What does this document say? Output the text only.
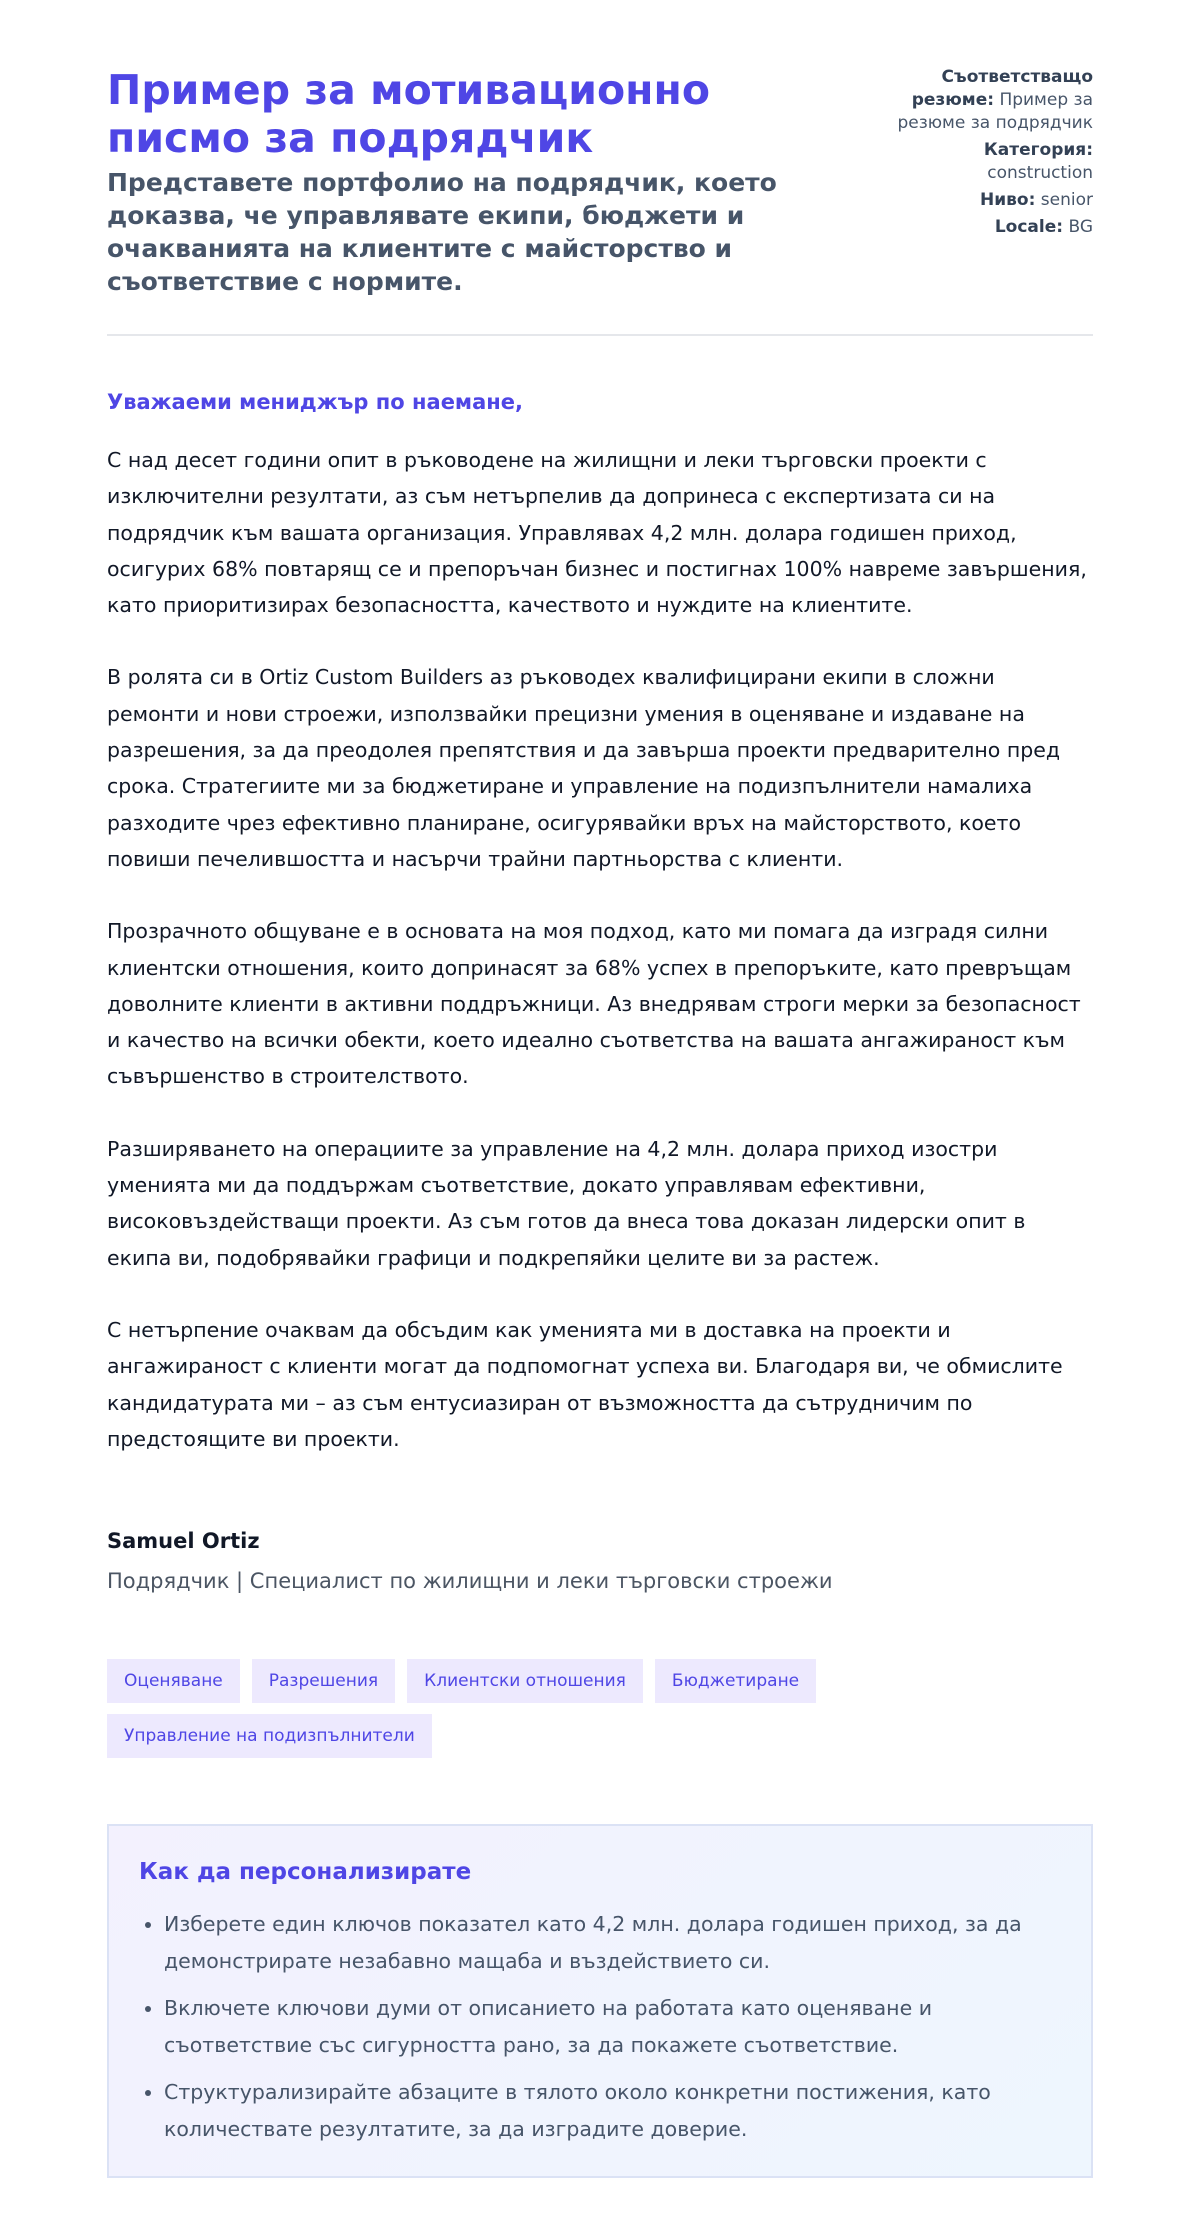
Пример за мотивационно писмо за подрядчик

Представете портфолио на подрядчик, което доказва, че управлявате екипи, бюджети и очакванията на клиентите с майсторство и съответствие с нормите.

Съответстващо резюме: Пример за резюме за подрядчик
Категория: construction
Ниво: senior
Locale: BG
Уважаеми мениджър по наемане,

С над десет години опит в ръководене на жилищни и леки търговски проекти с изключителни резултати, аз съм нетърпелив да допринеса с експертизата си на подрядчик към вашата организация. Управлявах 4,2 млн. долара годишен приход, осигурих 68% повтарящ се и препоръчан бизнес и постигнах 100% навреме завършения, като приоритизирах безопасността, качеството и нуждите на клиентите.

В ролята си в Ortiz Custom Builders аз ръководех квалифицирани екипи в сложни ремонти и нови строежи, използвайки прецизни умения в оценяване и издаване на разрешения, за да преодолея препятствия и да завършa проекти предварително пред срока. Стратегиите ми за бюджетиране и управление на подизпълнители намалиха разходите чрез ефективно планиране, осигурявайки връх на майсторството, което повиши печелившостта и насърчи трайни партньорства с клиенти.

Прозрачното общуване е в основата на моя подход, като ми помага да изградя силни клиентски отношения, които допринасят за 68% успех в препоръките, като превръщам доволните клиенти в активни поддръжници. Аз внедрявам строги мерки за безопасност и качество на всички обекти, което идеално съответства на вашата ангажираност към съвършенство в строителството.

Разширяването на операциите за управление на 4,2 млн. долара приход изостри уменията ми да поддържам съответствие, докато управлявам ефективни, високовъздействащи проекти. Аз съм готов да внеса това доказан лидерски опит в екипа ви, подобрявайки графици и подкрепяйки целите ви за растеж.

С нетърпение очаквам да обсъдим как уменията ми в доставка на проекти и ангажираност с клиенти могат да подпомогнат успеха ви. Благодаря ви, че обмислите кандидатурата ми – аз съм ентусиазиран от възможността да сътрудничим по предстоящите ви проекти.

Samuel Ortiz
Подрядчик | Специалист по жилищни и леки търговски строежи
Оценяване	Разрешения	Клиентски отношения	Бюджетиране
Управление на подизпълнители
Как да персонализирате
• Изберете един ключов показател като 4,2 млн. долара годишен приход, за да демонстрирате незабавно мащаба и въздействието си.
• Включете ключови думи от описанието на работата като оценяване и съответствие със сигурността рано, за да покажете съответствие.
• Структурализирайте абзаците в тялото около конкретни постижения, като количествате резултатите, за да изградите доверие.
